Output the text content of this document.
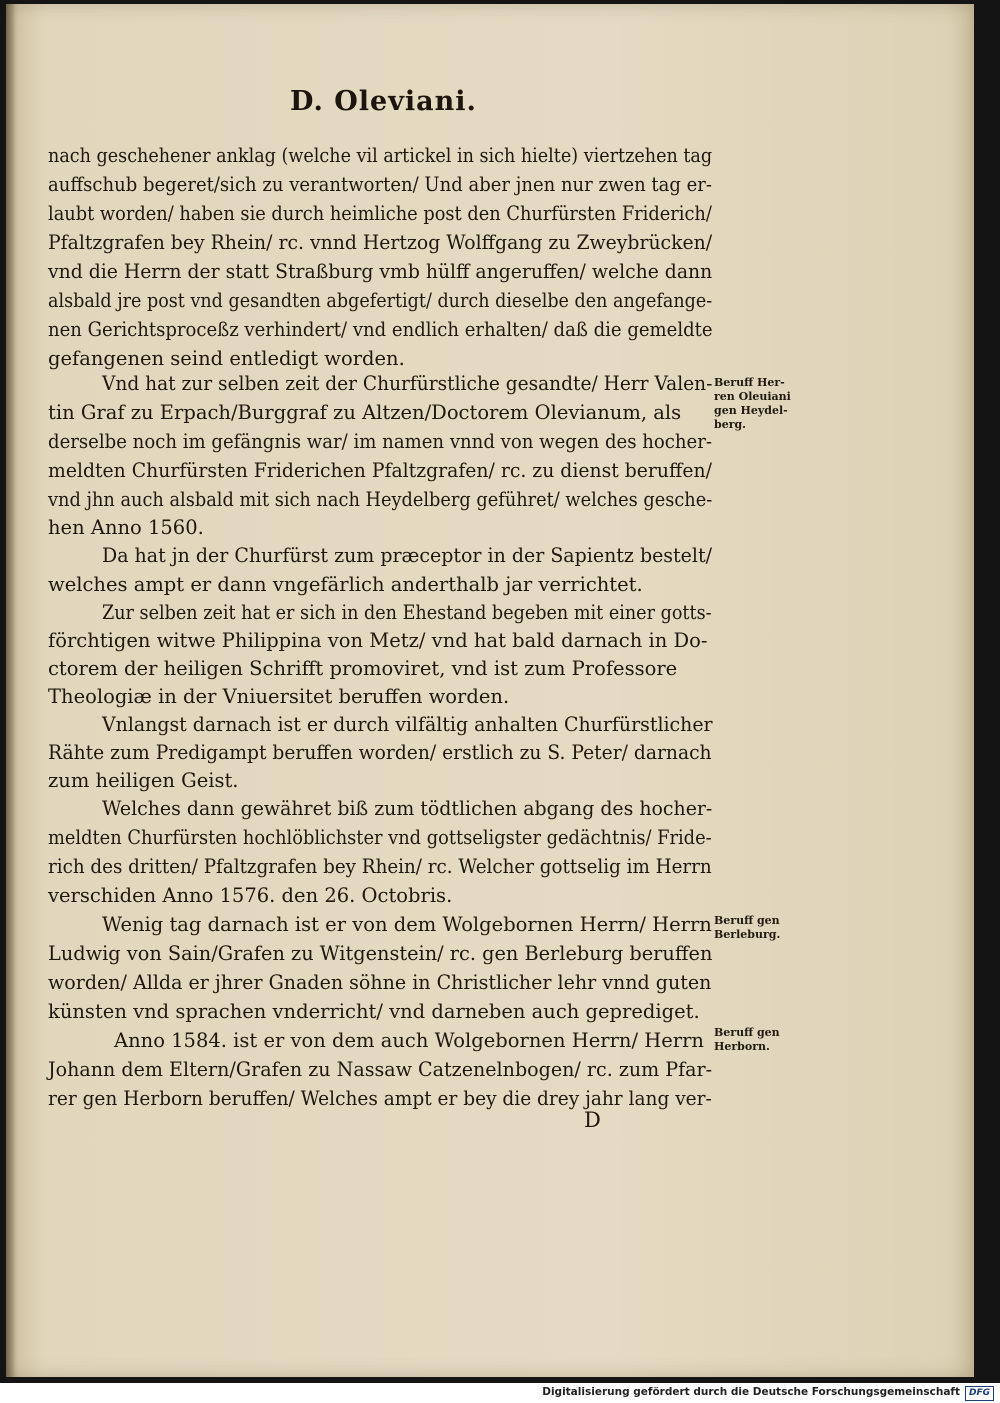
D. Oleviani.
nach geschehener anklag (welche vil artickel in sich hielte) viertzehen tag
auffschub begeret/sich zu verantworten/ Und aber jnen nur zwen tag er-
laubt worden/ haben sie durch heimliche post den Churfürsten Friderich/
Pfaltzgrafen bey Rhein/ rc. vnnd Hertzog Wolffgang zu Zweybrücken/
vnd die Herrn der statt Straßburg vmb hülff angeruffen/ welche dann
alsbald jre post vnd gesandten abgefertigt/ durch dieselbe den angefange-
nen Gerichtsproceßz verhindert/ vnd endlich erhalten/ daß die gemeldte
gefangenen seind entledigt worden.
Vnd hat zur selben zeit der Churfürstliche gesandte/ Herr Valen-
tin Graf zu Erpach/Burggraf zu Altzen/Doctorem Olevianum, als
derselbe noch im gefängnis war/ im namen vnnd von wegen des hocher-
meldten Churfürsten Friderichen Pfaltzgrafen/ rc. zu dienst beruffen/
vnd jhn auch alsbald mit sich nach Heydelberg geführet/ welches gesche-
hen Anno 1560.
Da hat jn der Churfürst zum præceptor in der Sapientz bestelt/
welches ampt er dann vngefärlich anderthalb jar verrichtet.
Zur selben zeit hat er sich in den Ehestand begeben mit einer gotts-
förchtigen witwe Philippina von Metz/ vnd hat bald darnach in Do-
ctorem der heiligen Schrifft promoviret, vnd ist zum Professore
Theologiæ in der Vniuersitet beruffen worden.
Vnlangst darnach ist er durch vilfältig anhalten Churfürstlicher
Rähte zum Predigampt beruffen worden/ erstlich zu S. Peter/ darnach
zum heiligen Geist.
Welches dann gewähret biß zum tödtlichen abgang des hocher-
meldten Churfürsten hochlöblichster vnd gottseligster gedächtnis/ Fride-
rich des dritten/ Pfaltzgrafen bey Rhein/ rc. Welcher gottselig im Herrn
verschiden Anno 1576. den 26. Octobris.
Wenig tag darnach ist er von dem Wolgebornen Herrn/ Herrn
Ludwig von Sain/Grafen zu Witgenstein/ rc. gen Berleburg beruffen
worden/ Allda er jhrer Gnaden söhne in Christlicher lehr vnnd guten
künsten vnd sprachen vnderricht/ vnd darneben auch geprediget.
Anno 1584. ist er von dem auch Wolgebornen Herrn/ Herrn
Johann dem Eltern/Grafen zu Nassaw Catzenelnbogen/ rc. zum Pfar-
rer gen Herborn beruffen/ Welches ampt er bey die drey jahr lang ver-
Beruff Her-
ren Oleuiani
gen Heydel-
berg.
Beruff gen
Berleburg.
Beruff gen
Herborn.
D
Digitalisierung gefördert durch die Deutsche Forschungsgemeinschaft DFG
